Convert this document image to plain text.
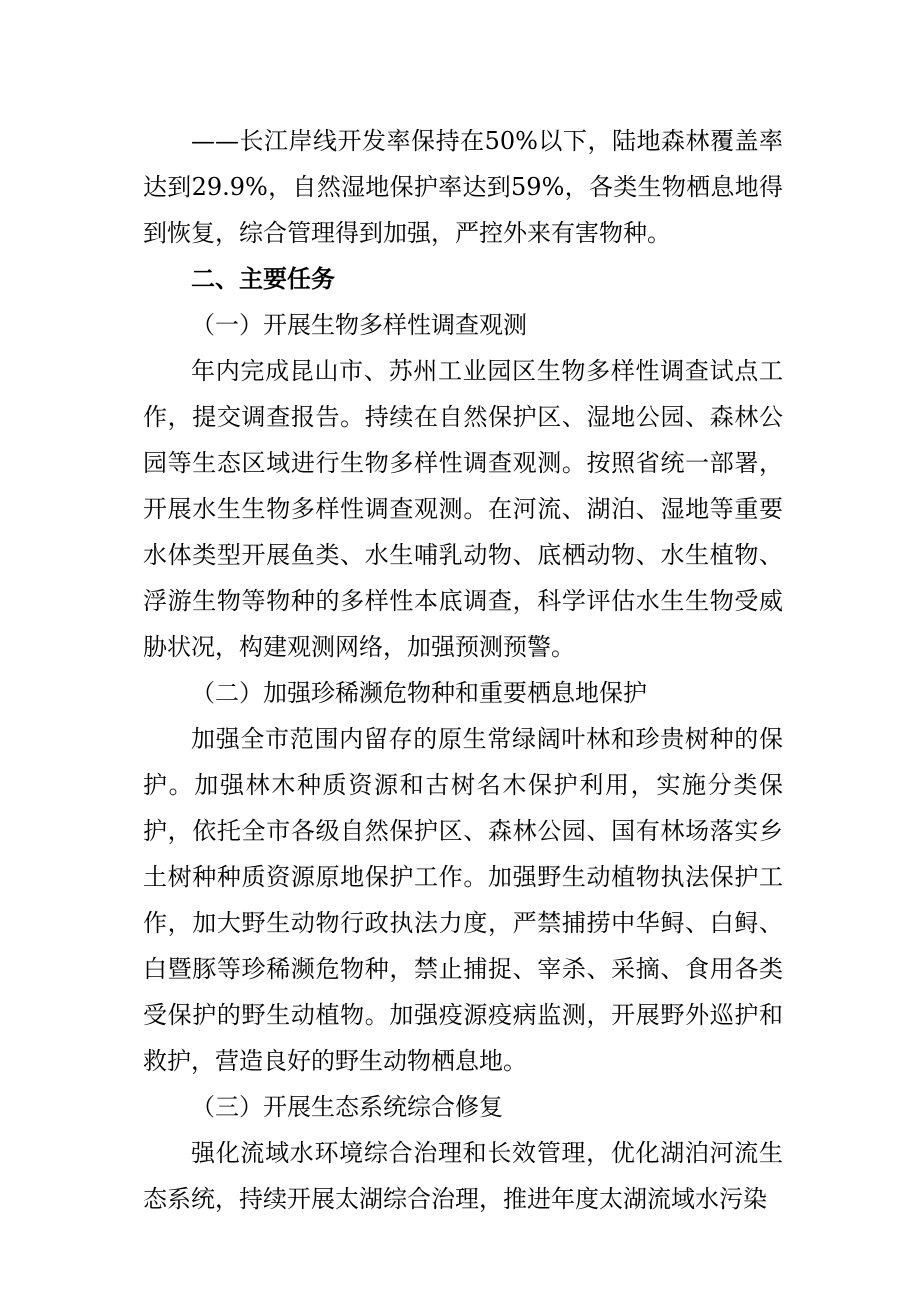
——长江岸线开发率保持在50%以下，陆地森林覆盖率达到29.9%，自然湿地保护率达到59%，各类生物栖息地得到恢复，综合管理得到加强，严控外来有害物种。

二、主要任务

（一）开展生物多样性调查观测

年内完成昆山市、苏州工业园区生物多样性调查试点工作，提交调查报告。持续在自然保护区、湿地公园、森林公园等生态区域进行生物多样性调查观测。按照省统一部署，开展水生生物多样性调查观测。在河流、湖泊、湿地等重要水体类型开展鱼类、水生哺乳动物、底栖动物、水生植物、浮游生物等物种的多样性本底调查，科学评估水生生物受威胁状况，构建观测网络，加强预测预警。

（二）加强珍稀濒危物种和重要栖息地保护

加强全市范围内留存的原生常绿阔叶林和珍贵树种的保护。加强林木种质资源和古树名木保护利用，实施分类保护，依托全市各级自然保护区、森林公园、国有林场落实乡土树种种质资源原地保护工作。加强野生动植物执法保护工作，加大野生动物行政执法力度，严禁捕捞中华鲟、白鲟、白暨豚等珍稀濒危物种，禁止捕捉、宰杀、采摘、食用各类受保护的野生动植物。加强疫源疫病监测，开展野外巡护和救护，营造良好的野生动物栖息地。

（三）开展生态系统综合修复

强化流域水环境综合治理和长效管理，优化湖泊河流生态系统，持续开展太湖综合治理，推进年度太湖流域水污染
